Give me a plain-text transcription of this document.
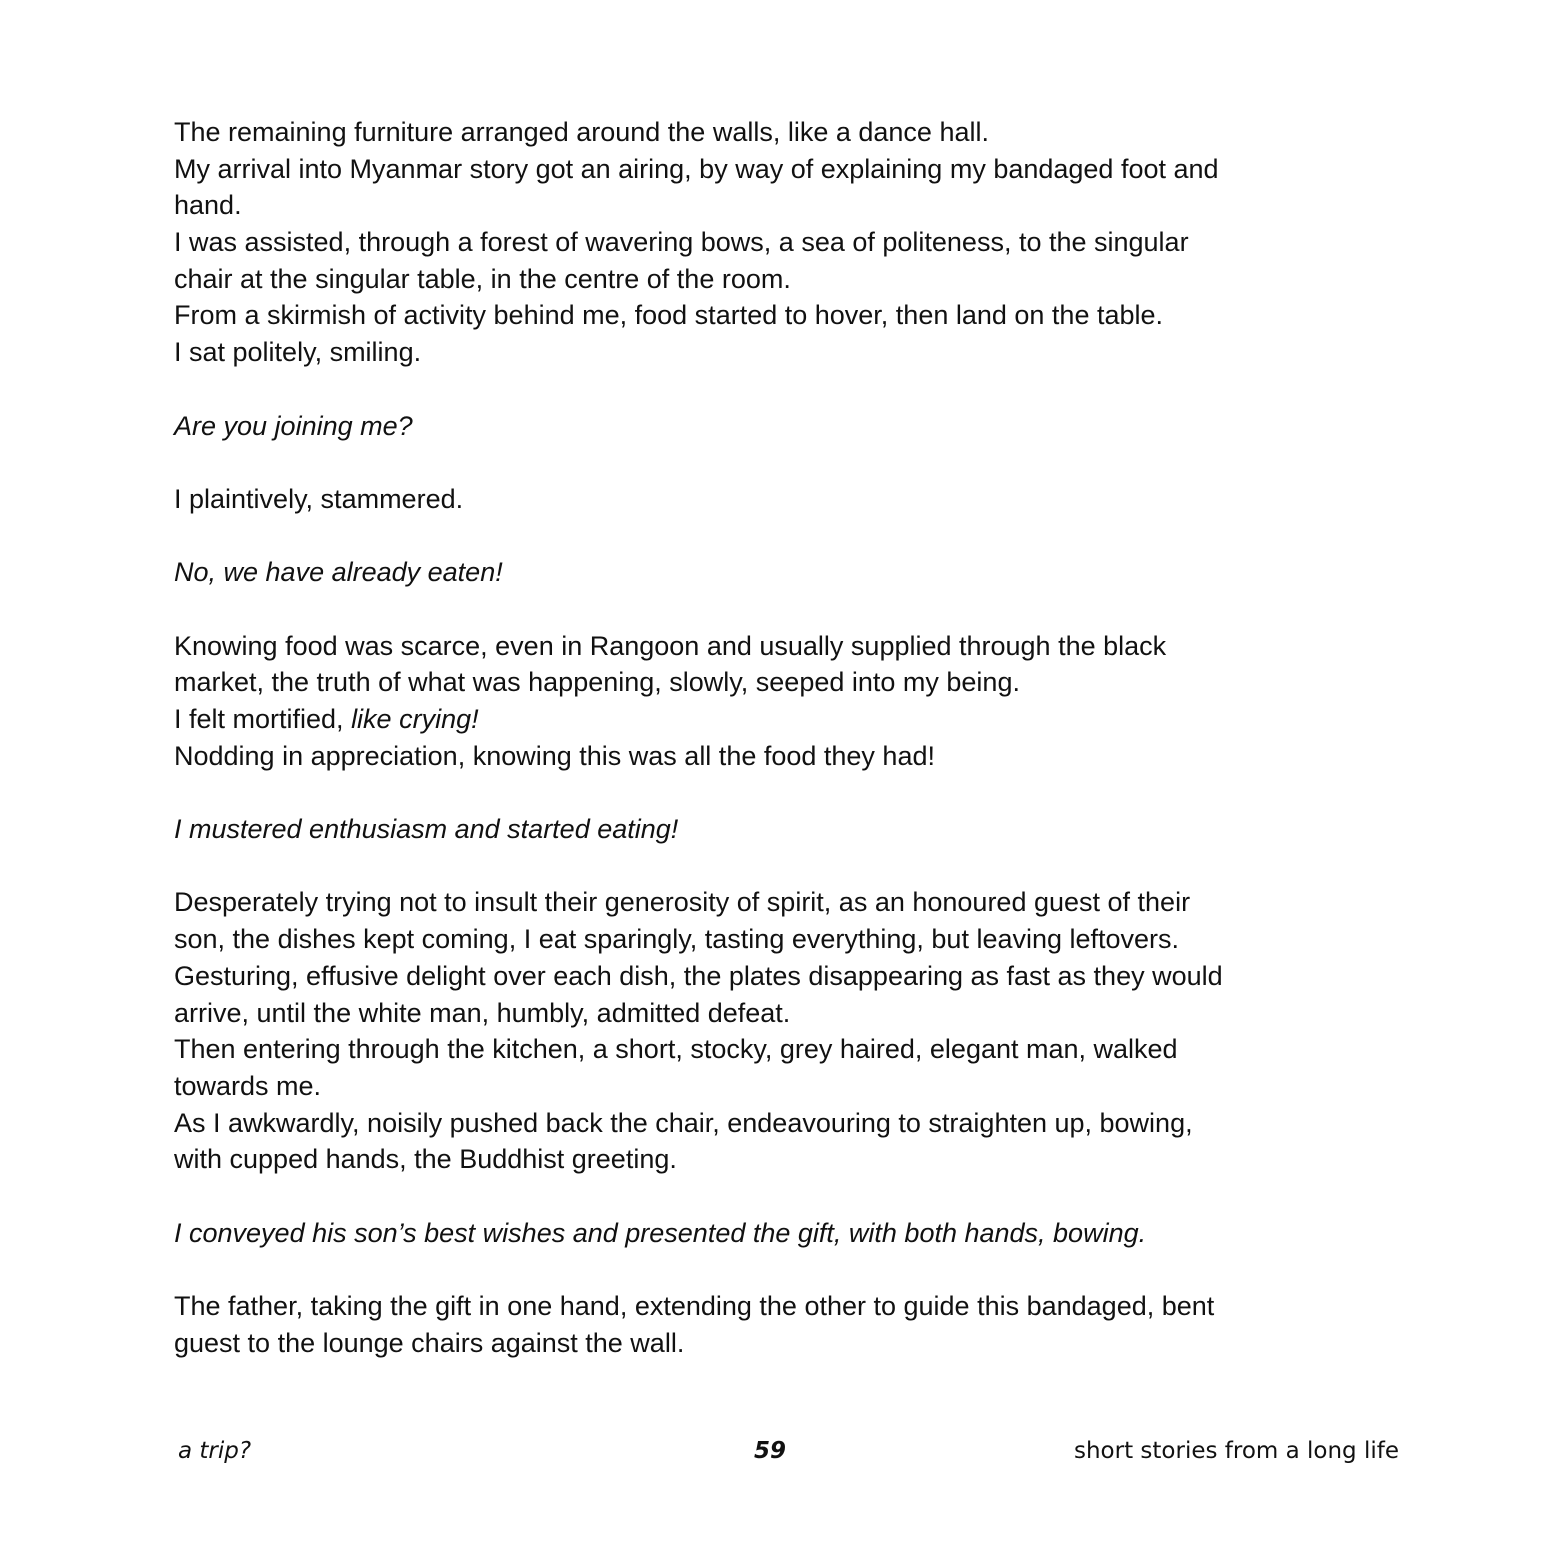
The remaining furniture arranged around the walls, like a dance hall.
My arrival into Myanmar story got an airing, by way of explaining my bandaged foot and
hand.
I was assisted, through a forest of wavering bows, a sea of politeness, to the singular
chair at the singular table, in the centre of the room.
From a skirmish of activity behind me, food started to hover, then land on the table.
I sat politely, smiling.
Are you joining me?
I plaintively, stammered.
No, we have already eaten!
Knowing food was scarce, even in Rangoon and usually supplied through the black
market, the truth of what was happening, slowly, seeped into my being.
I felt mortified, like crying!
Nodding in appreciation, knowing this was all the food they had!
I mustered enthusiasm and started eating!
Desperately trying not to insult their generosity of spirit, as an honoured guest of their
son, the dishes kept coming, I eat sparingly, tasting everything, but leaving leftovers.
Gesturing, effusive delight over each dish, the plates disappearing as fast as they would
arrive, until the white man, humbly, admitted defeat.
Then entering through the kitchen, a short, stocky, grey haired, elegant man, walked
towards me.
As I awkwardly, noisily pushed back the chair, endeavouring to straighten up, bowing,
with cupped hands, the Buddhist greeting.
I conveyed his son’s best wishes and presented the gift, with both hands, bowing.
The father, taking the gift in one hand, extending the other to guide this bandaged, bent
guest to the lounge chairs against the wall.
a trip?	59	short stories from a long life
